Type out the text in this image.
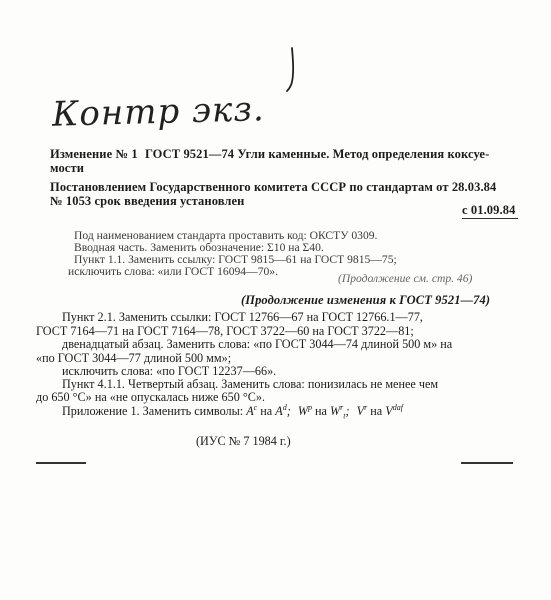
Контр экз.
Изменение № 1 ГОСТ 9521—74 Угли каменные. Метод определения коксуе-
мости
Постановлением Государственного комитета СССР по стандартам от 28.03.84
№ 1053 срок введения установлен
с 01.09.84
Под наименованием стандарта проставить код: ОКСТУ 0309.
Вводная часть. Заменить обозначение: Σ10 на Σ40.
Пункт 1.1. Заменить ссылку: ГОСТ 9815—61 на ГОСТ 9815—75;
исключить слова: «или ГОСТ 16094—70».
(Продолжение см. стр. 46)
(Продолжение изменения к ГОСТ 9521—74)
Пункт 2.1. Заменить ссылки: ГОСТ 12766—67 на ГОСТ 12766.1—77,
ГОСТ 7164—71 на ГОСТ 7164—78, ГОСТ 3722—60 на ГОСТ 3722—81;
двенадцатый абзац. Заменить слова: «по ГОСТ 3044—74 длиной 500 м» на
«по ГОСТ 3044—77 длиной 500 мм»;
исключить слова: «по ГОСТ 12237—66».
Пункт 4.1.1. Четвертый абзац. Заменить слова: понизилась не менее чем
до 650 °С» на «не опускалась ниже 650 °С».
Приложение 1. Заменить символы: $A^c$ на $A^d$; $W^p$ на $W^r_t$; $V^r$ на $V^{daf}$
(ИУС № 7 1984 г.)
